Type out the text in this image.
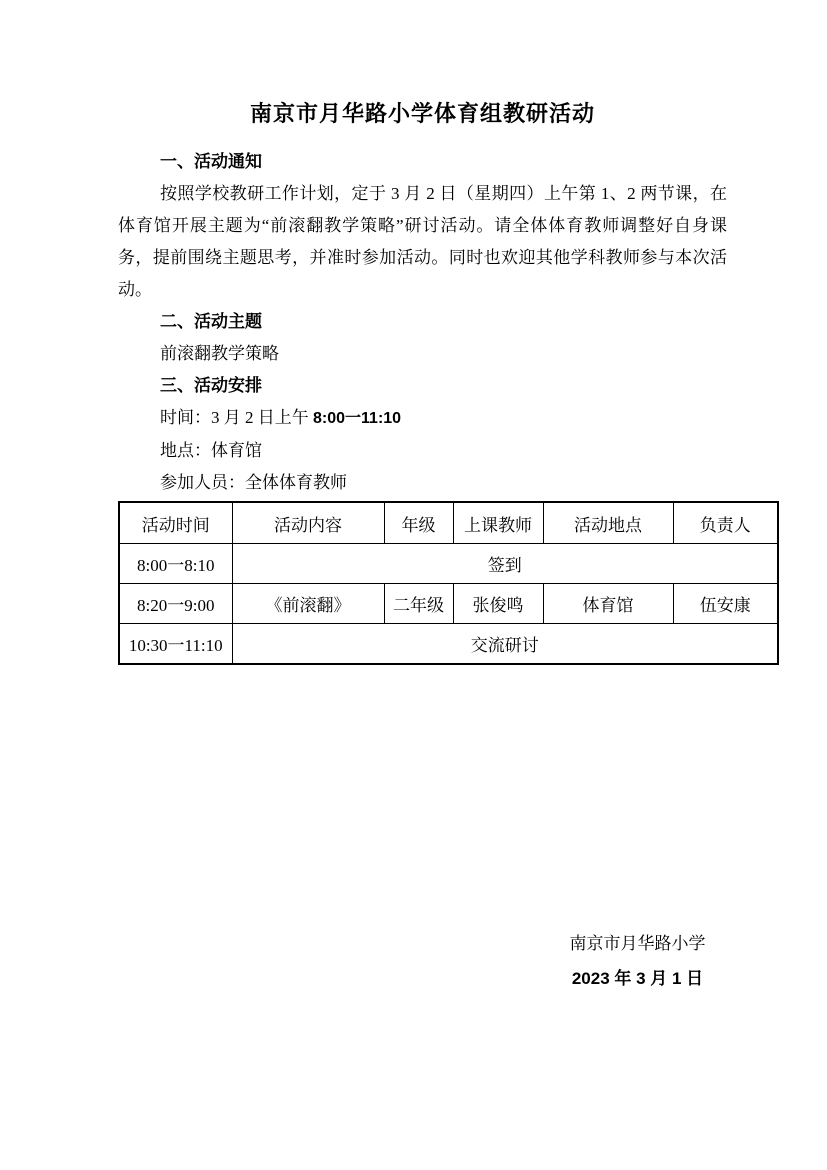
南京市月华路小学体育组教研活动

一、活动通知

按照学校教研工作计划，定于 3 月 2 日（星期四）上午第 1、2 两节课，在体育馆开展主题为“前滚翻教学策略”研讨活动。请全体体育教师调整好自身课务，提前围绕主题思考，并准时参加活动。同时也欢迎其他学科教师参与本次活动。

二、活动主题

前滚翻教学策略

三、活动安排

时间：3 月 2 日上午 8:00一11:10

地点：体育馆

参加人员：全体体育教师

活动时间	活动内容	年级	上课教师	活动地点	负责人
8:00一8:10	签到				
8:20一9:00	《前滚翻》	二年级	张俊鸣	体育馆	伍安康
10:30一11:10	交流研讨				
南京市月华路小学
2023 年 3 月 1 日
